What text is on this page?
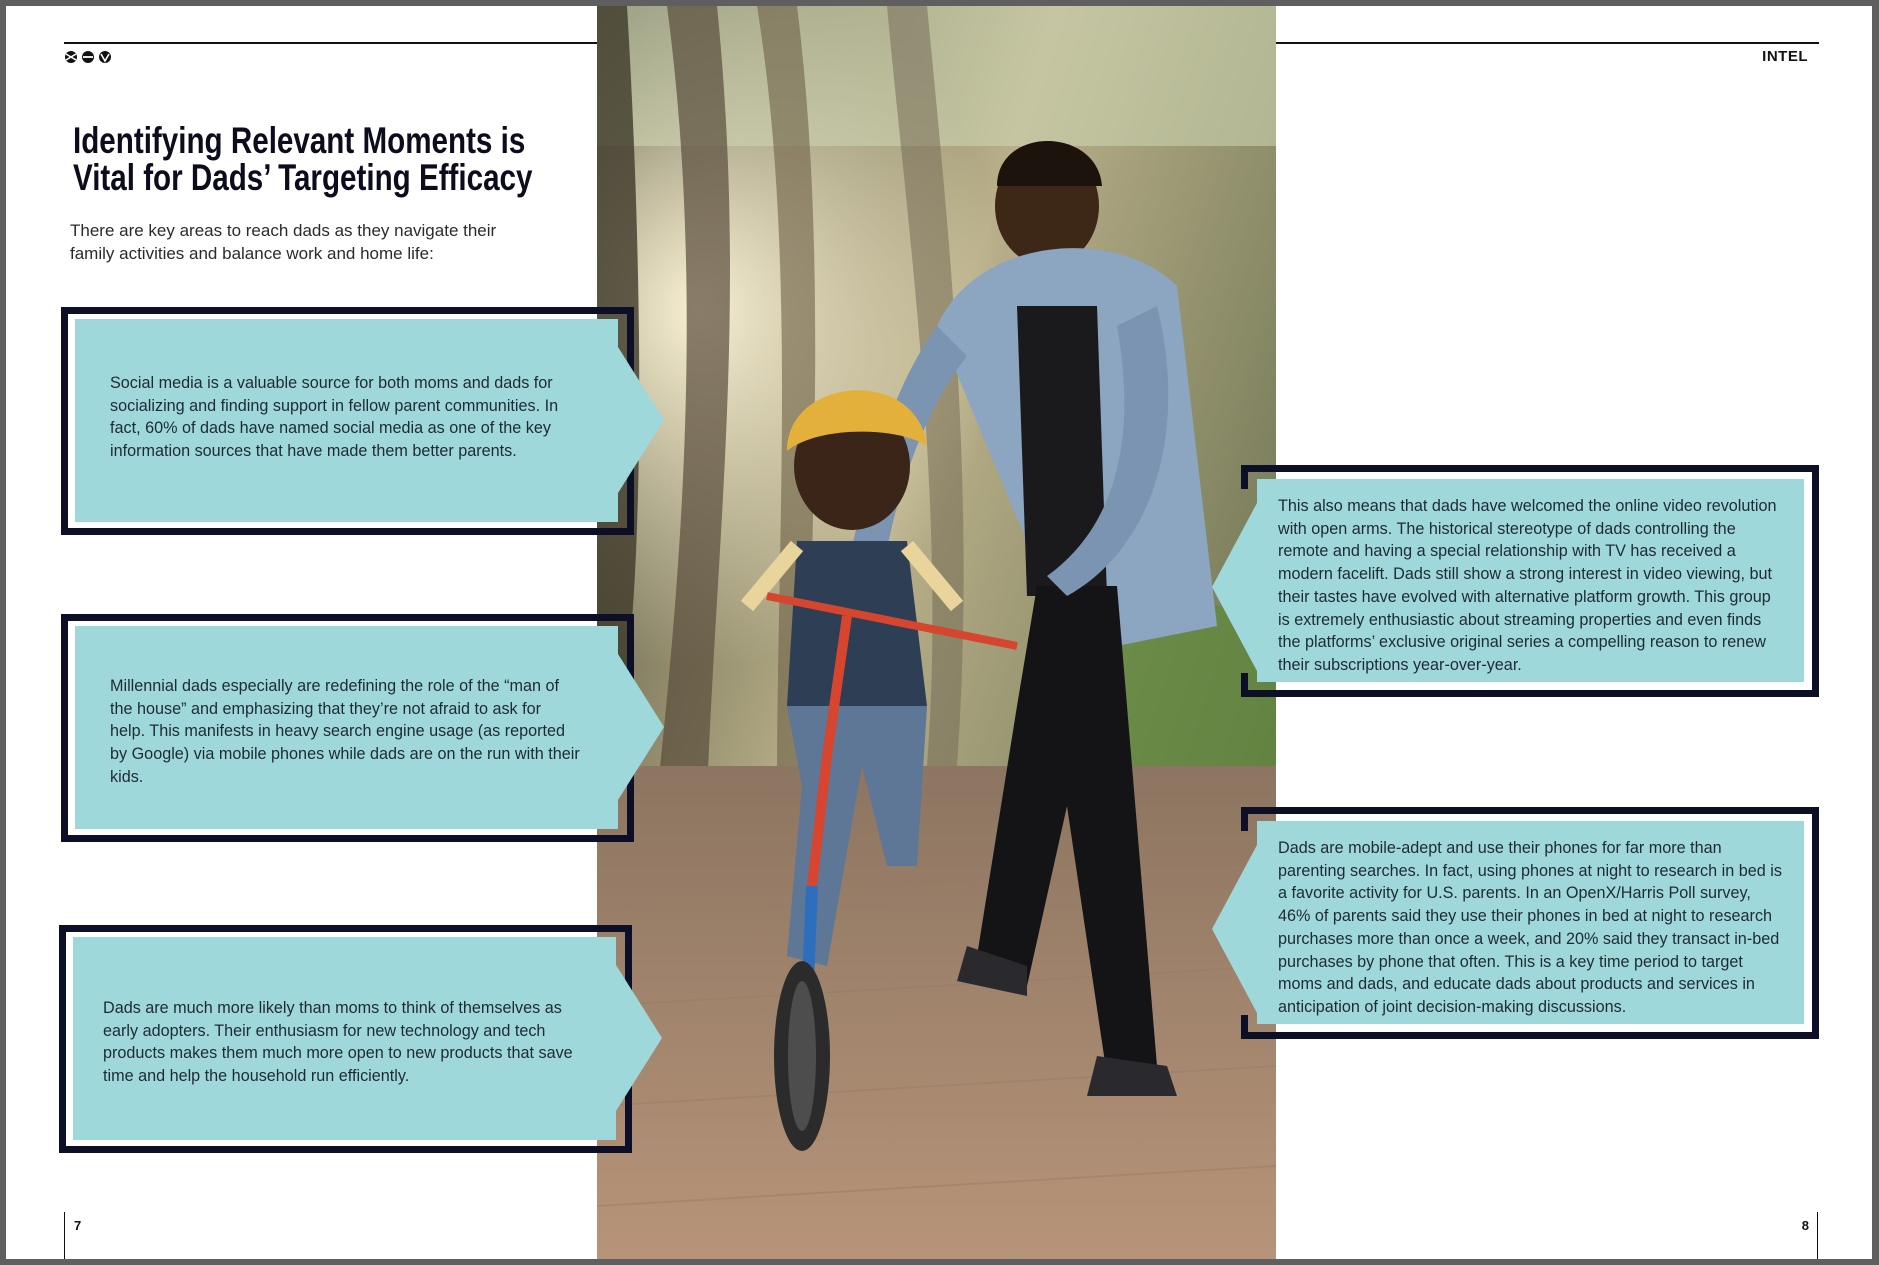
INTEL
Identifying Relevant Moments is
Vital for Dads’ Targeting Efficacy

There are key areas to reach dads as they navigate their family activities and balance work and home life:

Social media is a valuable source for both moms and dads for socializing and finding support in fellow parent communities. In fact, 60% of dads have named social media as one of the key information sources that have made them better parents.

Millennial dads especially are redefining the role of the “man of the house” and emphasizing that they’re not afraid to ask for help. This manifests in heavy search engine usage (as reported by Google) via mobile phones while dads are on the run with their kids.

Dads are much more likely than moms to think of themselves as early adopters. Their enthusiasm for new technology and tech products makes them much more open to new products that save time and help the household run efficiently.

This also means that dads have welcomed the online video revolution with open arms. The historical stereotype of dads controlling the remote and having a special relationship with TV has received a modern facelift. Dads still show a strong interest in video viewing, but their tastes have evolved with alternative platform growth. This group is extremely enthusiastic about streaming properties and even finds the platforms’ exclusive original series a compelling reason to renew their subscriptions year-over-year.

Dads are mobile-adept and use their phones for far more than parenting searches. In fact, using phones at night to research in bed is a favorite activity for U.S. parents. In an OpenX/Harris Poll survey, 46% of parents said they use their phones in bed at night to research purchases more than once a week, and 20% said they transact in-bed purchases by phone that often. This is a key time period to target moms and dads, and educate dads about products and services in anticipation of joint decision-making discussions.

7	8
